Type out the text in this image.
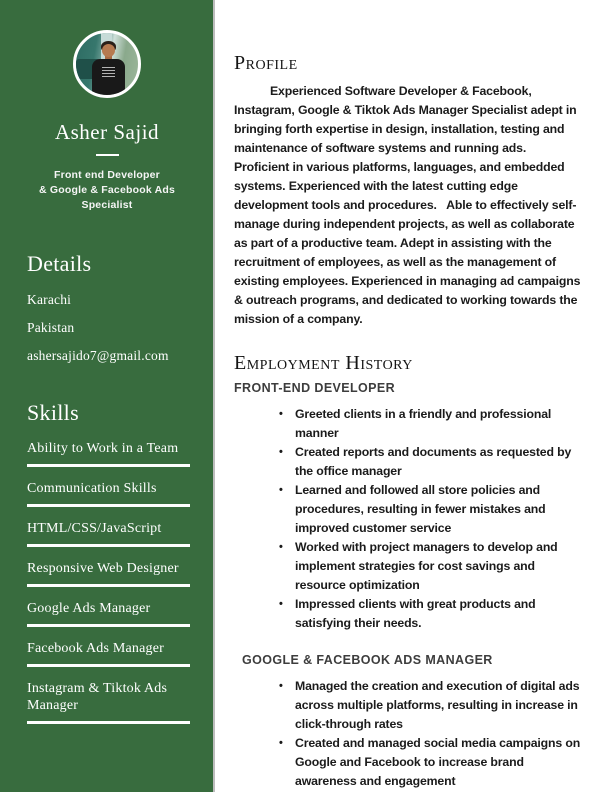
Asher Sajid
Front end Developer
& Google & Facebook Ads
Specialist
Details
Karachi
Pakistan
ashersajido7@gmail.com
Skills
Ability to Work in a Team
Communication Skills
HTML/CSS/JavaScript
Responsive Web Designer
Google Ads Manager
Facebook Ads Manager
Instagram & Tiktok Ads Manager
Profile

Experienced Software Developer & Facebook, Instagram, Google & Tiktok Ads Manager Specialist adept in bringing forth expertise in design, installation, testing and maintenance of software systems and running ads. Proficient in various platforms, languages, and embedded systems. Experienced with the latest cutting edge development tools and procedures.   Able to effectively self-manage during independent projects, as well as collaborate as part of a productive team. Adept in assisting with the recruitment of employees, as well as the management of existing employees. Experienced in managing ad campaigns & outreach programs, and dedicated to working towards the mission of a company.

Employment History
FRONT-END DEVELOPER
• Greeted clients in a friendly and professional manner
• Created reports and documents as requested by the office manager
• Learned and followed all store policies and procedures, resulting in fewer mistakes and improved customer service
• Worked with project managers to develop and implement strategies for cost savings and resource optimization
• Impressed clients with great products and satisfying their needs.
GOOGLE & FACEBOOK ADS MANAGER
• Managed the creation and execution of digital ads across multiple platforms, resulting in increase in click-through rates
• Created and managed social media campaigns on Google and Facebook to increase brand awareness and engagement
